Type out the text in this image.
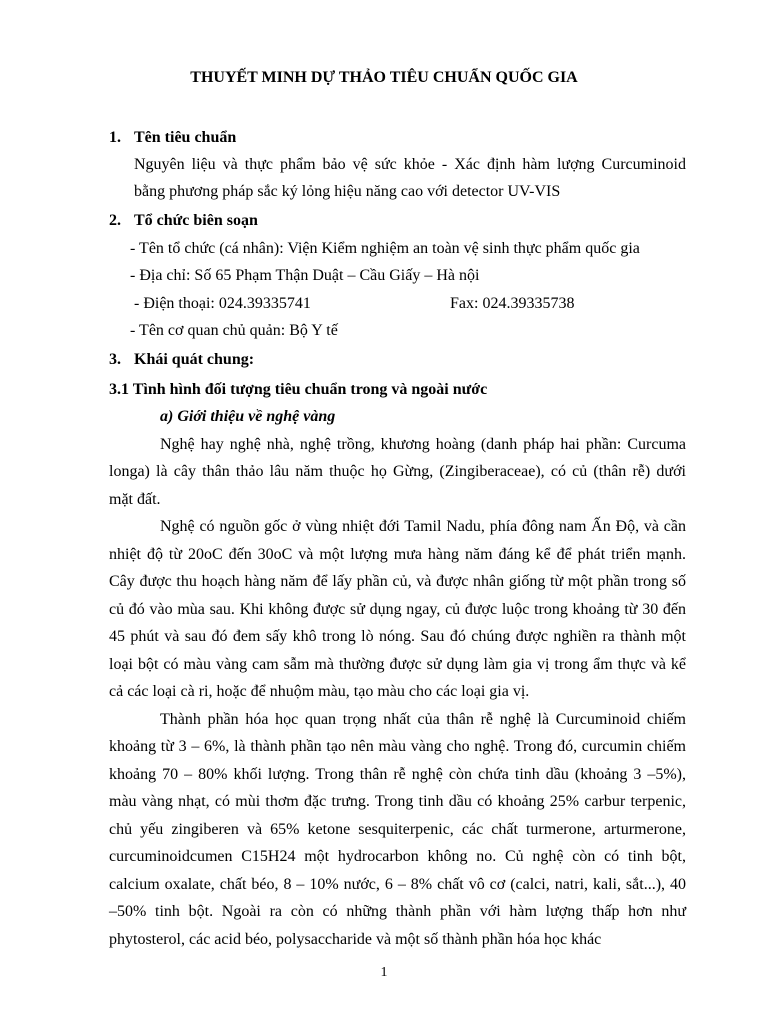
THUYẾT MINH DỰ THẢO TIÊU CHUẨN QUỐC GIA
1. Tên tiêu chuẩn
Nguyên liệu và thực phẩm bảo vệ sức khỏe - Xác định hàm lượng Curcuminoid
bằng phương pháp sắc ký lỏng hiệu năng cao với detector UV-VIS
2. Tổ chức biên soạn
- Tên tổ chức (cá nhân): Viện Kiểm nghiệm an toàn vệ sinh thực phẩm quốc gia
- Địa chỉ: Số 65 Phạm Thận Duật – Cầu Giấy – Hà nội
- Điện thoại: 024.39335741	Fax: 024.39335738
- Tên cơ quan chủ quản: Bộ Y tế
3. Khái quát chung:
3.1 Tình hình đối tượng tiêu chuẩn trong và ngoài nước
a) Giới thiệu về nghệ vàng
Nghệ hay nghệ nhà, nghệ trồng, khương hoàng (danh pháp hai phần: Curcuma
longa) là cây thân thảo lâu năm thuộc họ Gừng, (Zingiberaceae), có củ (thân rễ) dưới
mặt đất.
Nghệ có nguồn gốc ở vùng nhiệt đới Tamil Nadu, phía đông nam Ấn Độ, và cần
nhiệt độ từ 20oC đến 30oC và một lượng mưa hàng năm đáng kể để phát triển mạnh.
Cây được thu hoạch hàng năm để lấy phần củ, và được nhân giống từ một phần trong số
củ đó vào mùa sau. Khi không được sử dụng ngay, củ được luộc trong khoảng từ 30 đến
45 phút và sau đó đem sấy khô trong lò nóng. Sau đó chúng được nghiền ra thành một
loại bột có màu vàng cam sẫm mà thường được sử dụng làm gia vị trong ẩm thực và kể
cả các loại cà ri, hoặc để nhuộm màu, tạo màu cho các loại gia vị.
Thành phần hóa học quan trọng nhất của thân rễ nghệ là Curcuminoid chiếm
khoảng từ 3 – 6%, là thành phần tạo nên màu vàng cho nghệ. Trong đó, curcumin chiếm
khoảng 70 – 80% khối lượng. Trong thân rễ nghệ còn chứa tinh dầu (khoảng 3 –5%),
màu vàng nhạt, có mùi thơm đặc trưng. Trong tinh dầu có khoảng 25% carbur terpenic,
chủ yếu zingiberen và 65% ketone sesquiterpenic, các chất turmerone, arturmerone,
curcuminoidcumen C15H24 một hydrocarbon không no. Củ nghệ còn có tinh bột,
calcium oxalate, chất béo, 8 – 10% nước, 6 – 8% chất vô cơ (calci, natri, kali, sắt...), 40
–50% tinh bột. Ngoài ra còn có những thành phần với hàm lượng thấp hơn như
phytosterol, các acid béo, polysaccharide và một số thành phần hóa học khác
1
